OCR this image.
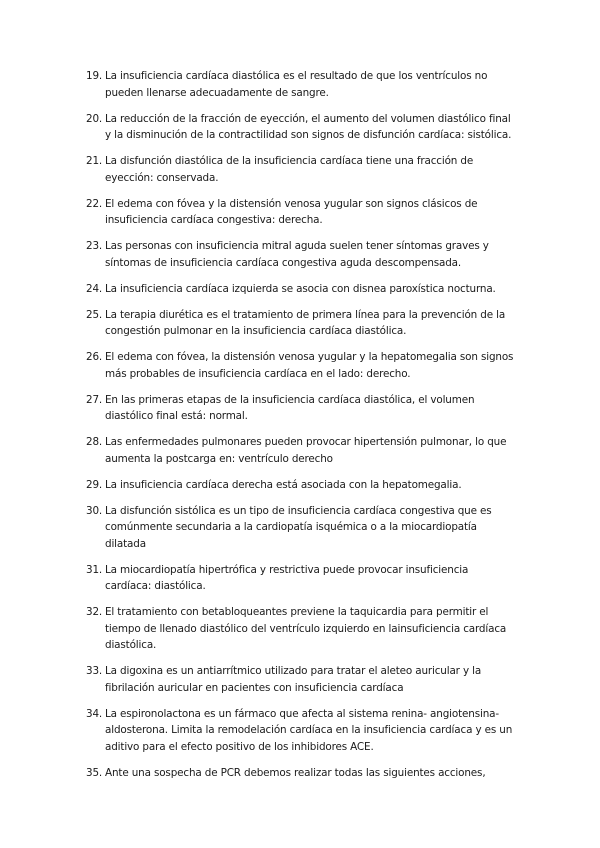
19. La insuficiencia cardíaca diastólica es el resultado de que los ventrículos no pueden llenarse adecuadamente de sangre.
20. La reducción de la fracción de eyección, el aumento del volumen diastólico final y la disminución de la contractilidad son signos de disfunción cardíaca: sistólica.
21. La disfunción diastólica de la insuficiencia cardíaca tiene una fracción de eyección: conservada.
22. El edema con fóvea y la distensión venosa yugular son signos clásicos de insuficiencia cardíaca congestiva: derecha.
23. Las personas con insuficiencia mitral aguda suelen tener síntomas graves y síntomas de insuficiencia cardíaca congestiva aguda descompensada.
24. La insuficiencia cardíaca izquierda se asocia con disnea paroxística nocturna.
25. La terapia diurética es el tratamiento de primera línea para la prevención de la congestión pulmonar en la insuficiencia cardíaca diastólica.
26. El edema con fóvea, la distensión venosa yugular y la hepatomegalia son signos más probables de insuficiencia cardíaca en el lado: derecho.
27. En las primeras etapas de la insuficiencia cardíaca diastólica, el volumen diastólico final está: normal.
28. Las enfermedades pulmonares pueden provocar hipertensión pulmonar, lo que aumenta la postcarga en: ventrículo derecho
29. La insuficiencia cardíaca derecha está asociada con la hepatomegalia.
30. La disfunción sistólica es un tipo de insuficiencia cardíaca congestiva que es comúnmente secundaria a la cardiopatía isquémica o a la miocardiopatía dilatada
31. La miocardiopatía hipertrófica y restrictiva puede provocar insuficiencia cardíaca: diastólica.
32. El tratamiento con betabloqueantes previene la taquicardia para permitir el tiempo de llenado diastólico del ventrículo izquierdo en lainsuficiencia cardíaca diastólica.
33. La digoxina es un antiarrítmico utilizado para tratar el aleteo auricular y la fibrilación auricular en pacientes con insuficiencia cardíaca
34. La espironolactona es un fármaco que afecta al sistema renina- angiotensina- aldosterona. Limita la remodelación cardíaca en la insuficiencia cardíaca y es un aditivo para el efecto positivo de los inhibidores ACE.
35. Ante una sospecha de PCR debemos realizar todas las siguientes acciones,
